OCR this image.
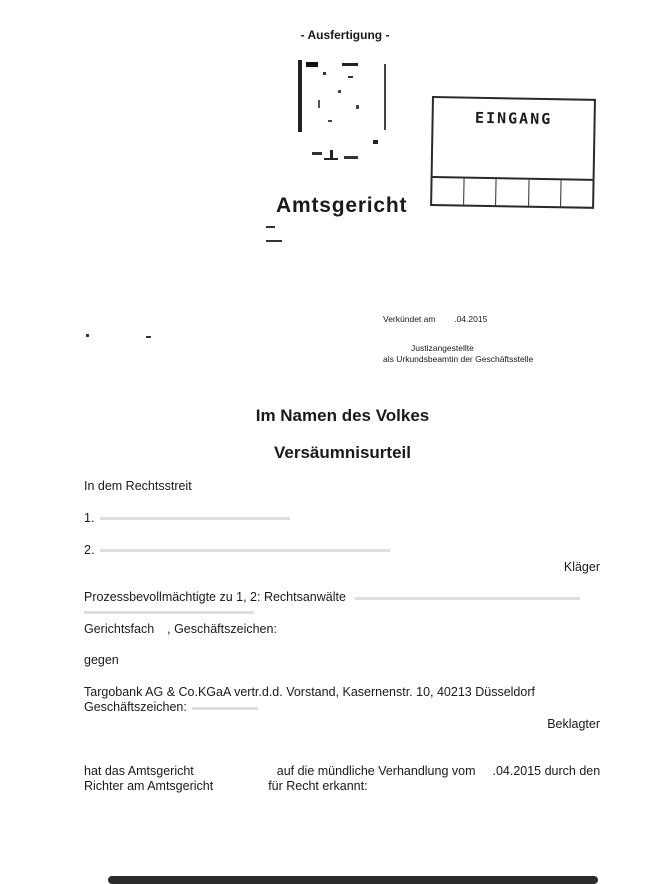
- Ausfertigung -
EINGANG
Amtsgericht
Verkündet am .04.2015
Justizangestellte
als Urkundsbeamtin der Geschäftsstelle
Im Namen des Volkes
Versäumnisurteil
In dem Rechtsstreit
1.
2.
Kläger
Prozessbevollmächtigte zu 1, 2: Rechtsanwälte
Gerichtsfach , Geschäftszeichen:
gegen
Targobank AG & Co.KGaA vertr.d.d. Vorstand, Kasernenstr. 10, 40213 Düsseldorf
Geschäftszeichen:
Beklagter
hat das Amtsgericht	auf die mündliche Verhandlung vom .04.2015 durch den
Richter am Amtsgericht	für Recht erkannt:
